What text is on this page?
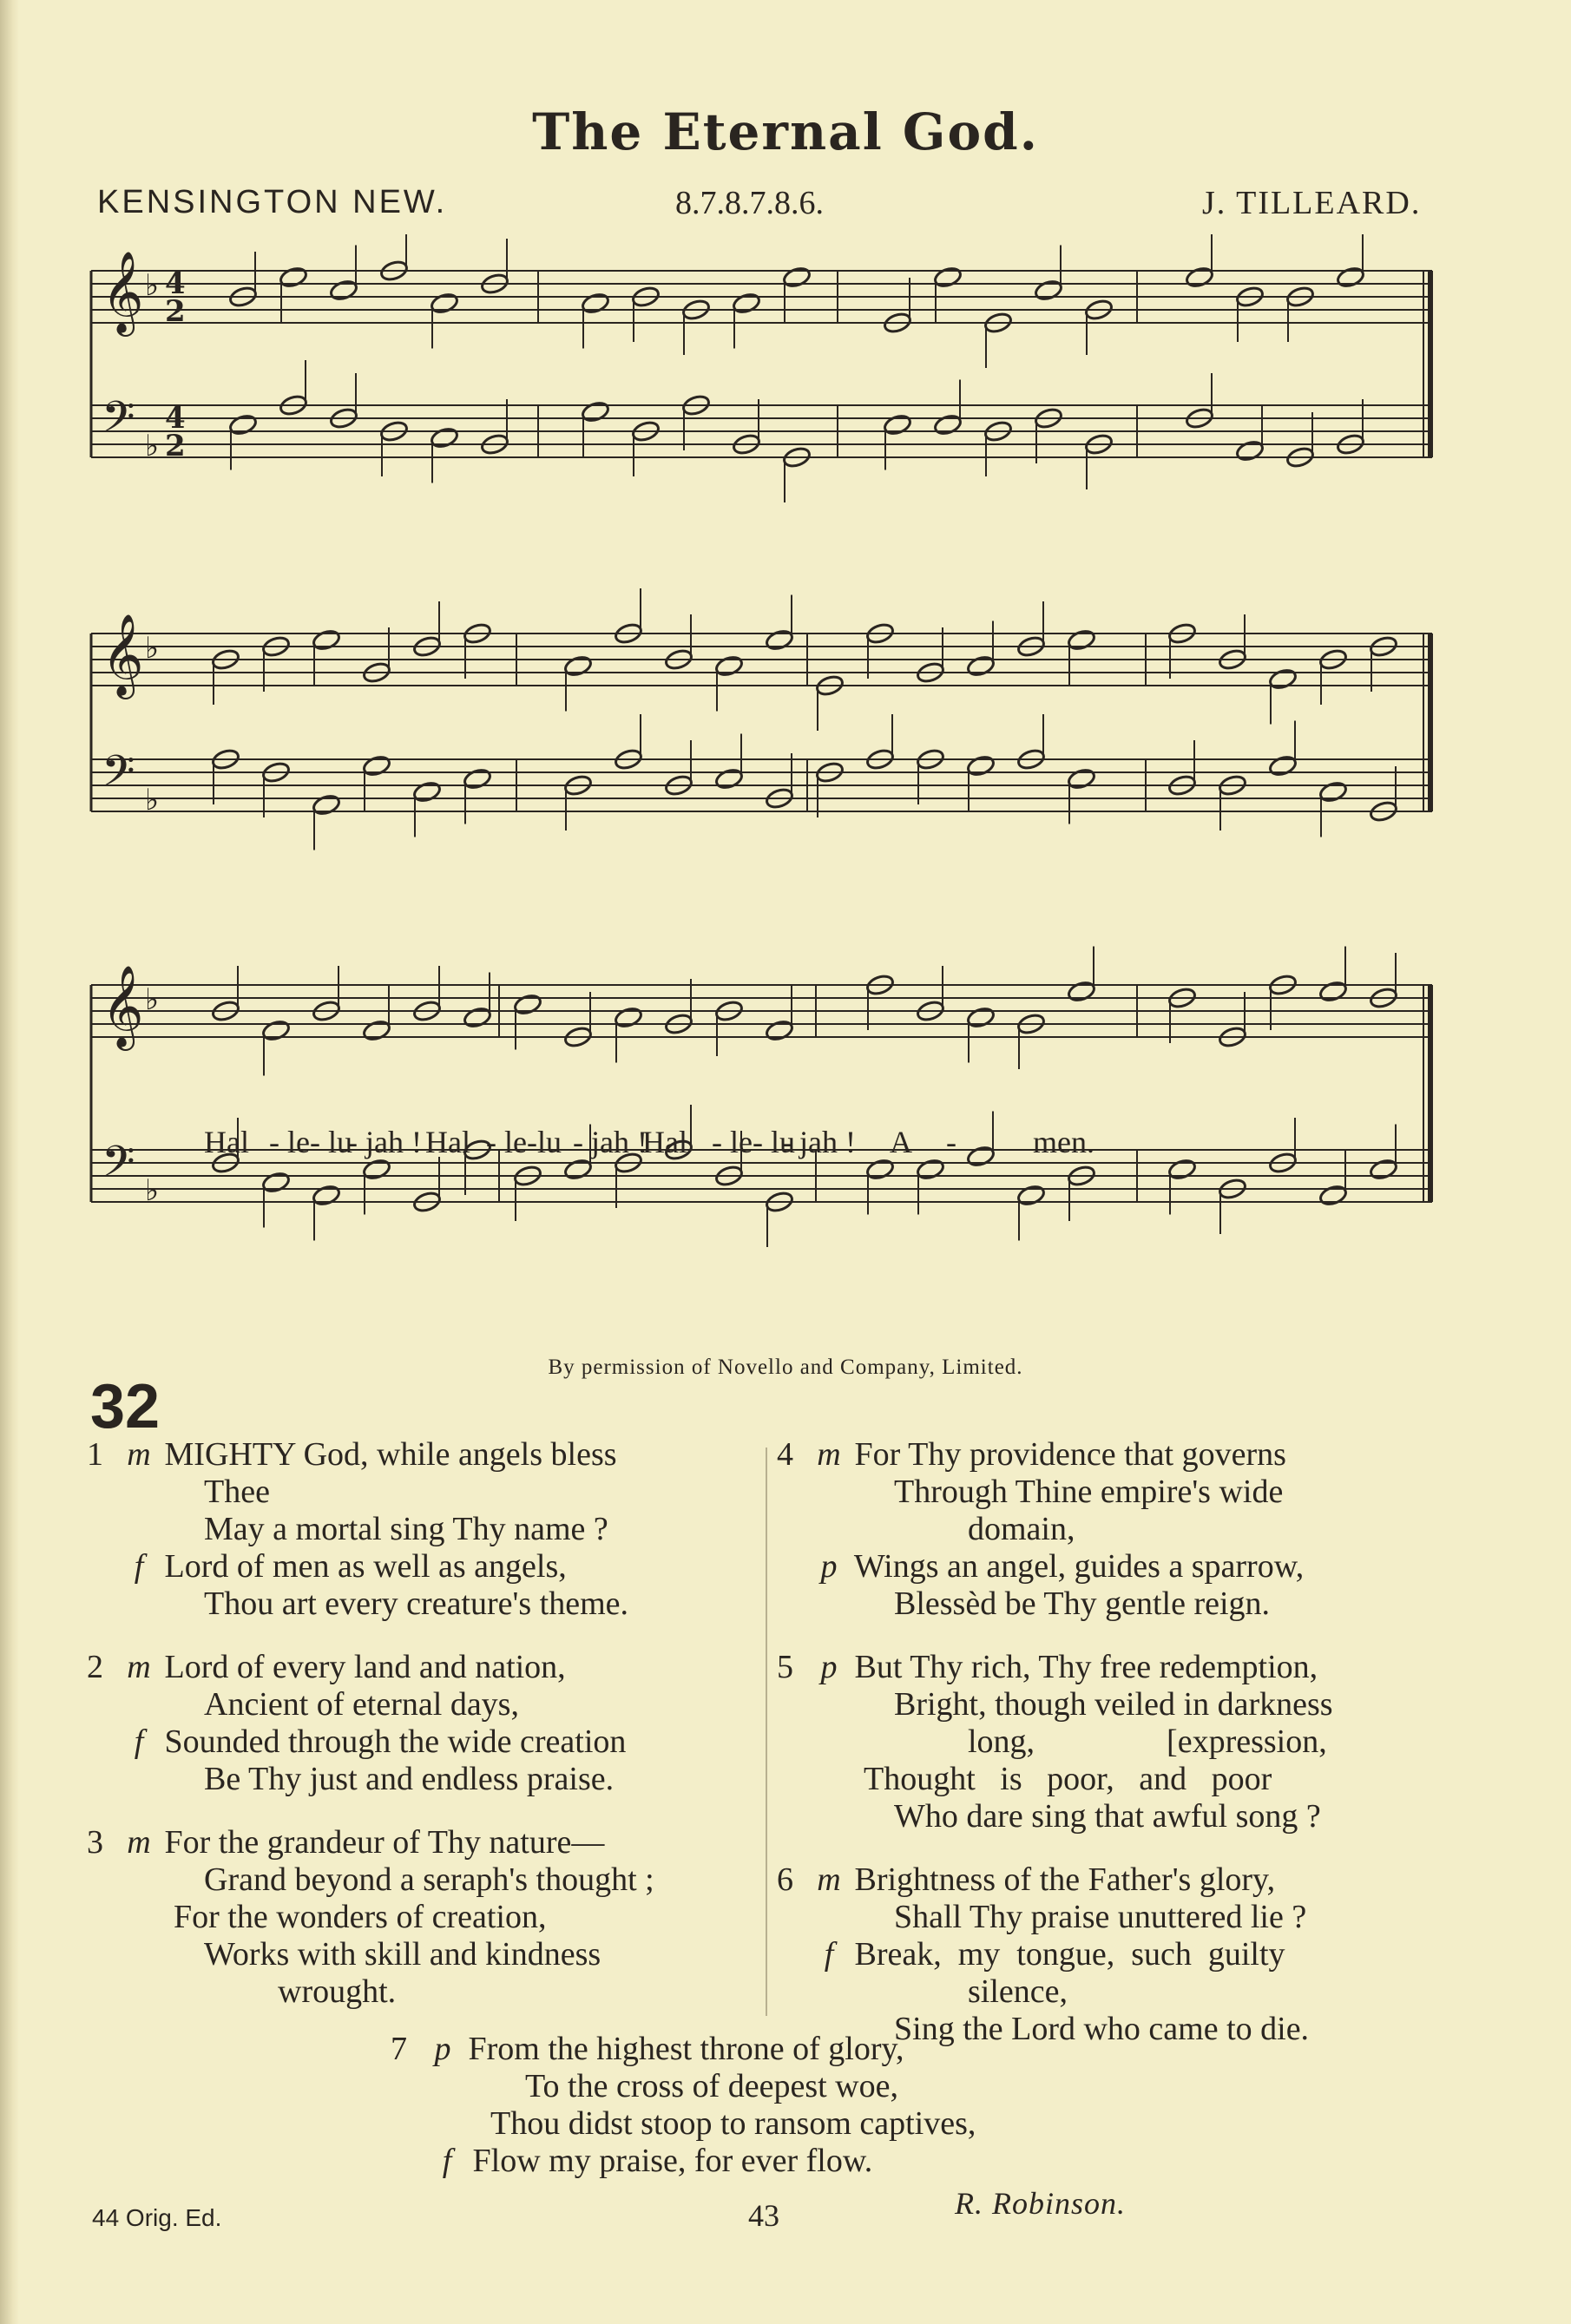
The Eternal God.
KENSINGTON NEW.	8.7.8.7.8.6.	J. TILLEARD.
𝄞 ♭ 4
2
𝄢 ♭
4
2
𝄞 ♭
𝄢 ♭
𝄞 ♭
𝄢 ♭
Hal - le- lu
- jah ! Hal - le-lu - jah !
Hal - le- lu
- jah ! A - men.
By permission of Novello and Company, Limited.
32
1 m MIGHTY God, while angels bless
Thee
May a mortal sing Thy name ?
f Lord of men as well as angels,
Thou art every creature's theme.
2 m Lord of every land and nation,
Ancient of eternal days,
f Sounded through the wide creation
Be Thy just and endless praise.
3 m For the grandeur of Thy nature—
Grand beyond a seraph's thought ;
For the wonders of creation,
Works with skill and kindness
wrought.
4 m For Thy providence that governs
Through Thine empire's wide
domain,
p Wings an angel, guides a sparrow,
Blessèd be Thy gentle reign.
5 p But Thy rich, Thy free redemption,
Bright, though veiled in darkness
long,                [expression,
Thought   is   poor,   and   poor
Who dare sing that awful song ?
6 m Brightness of the Father's glory,
Shall Thy praise unuttered lie ?
f Break,  my  tongue,  such  guilty
silence,
Sing the Lord who came to die.
7 p From the highest throne of glory,
To the cross of deepest woe,
Thou didst stoop to ransom captives,
f Flow my praise, for ever flow.
R. Robinson.
44 Orig. Ed.	43
